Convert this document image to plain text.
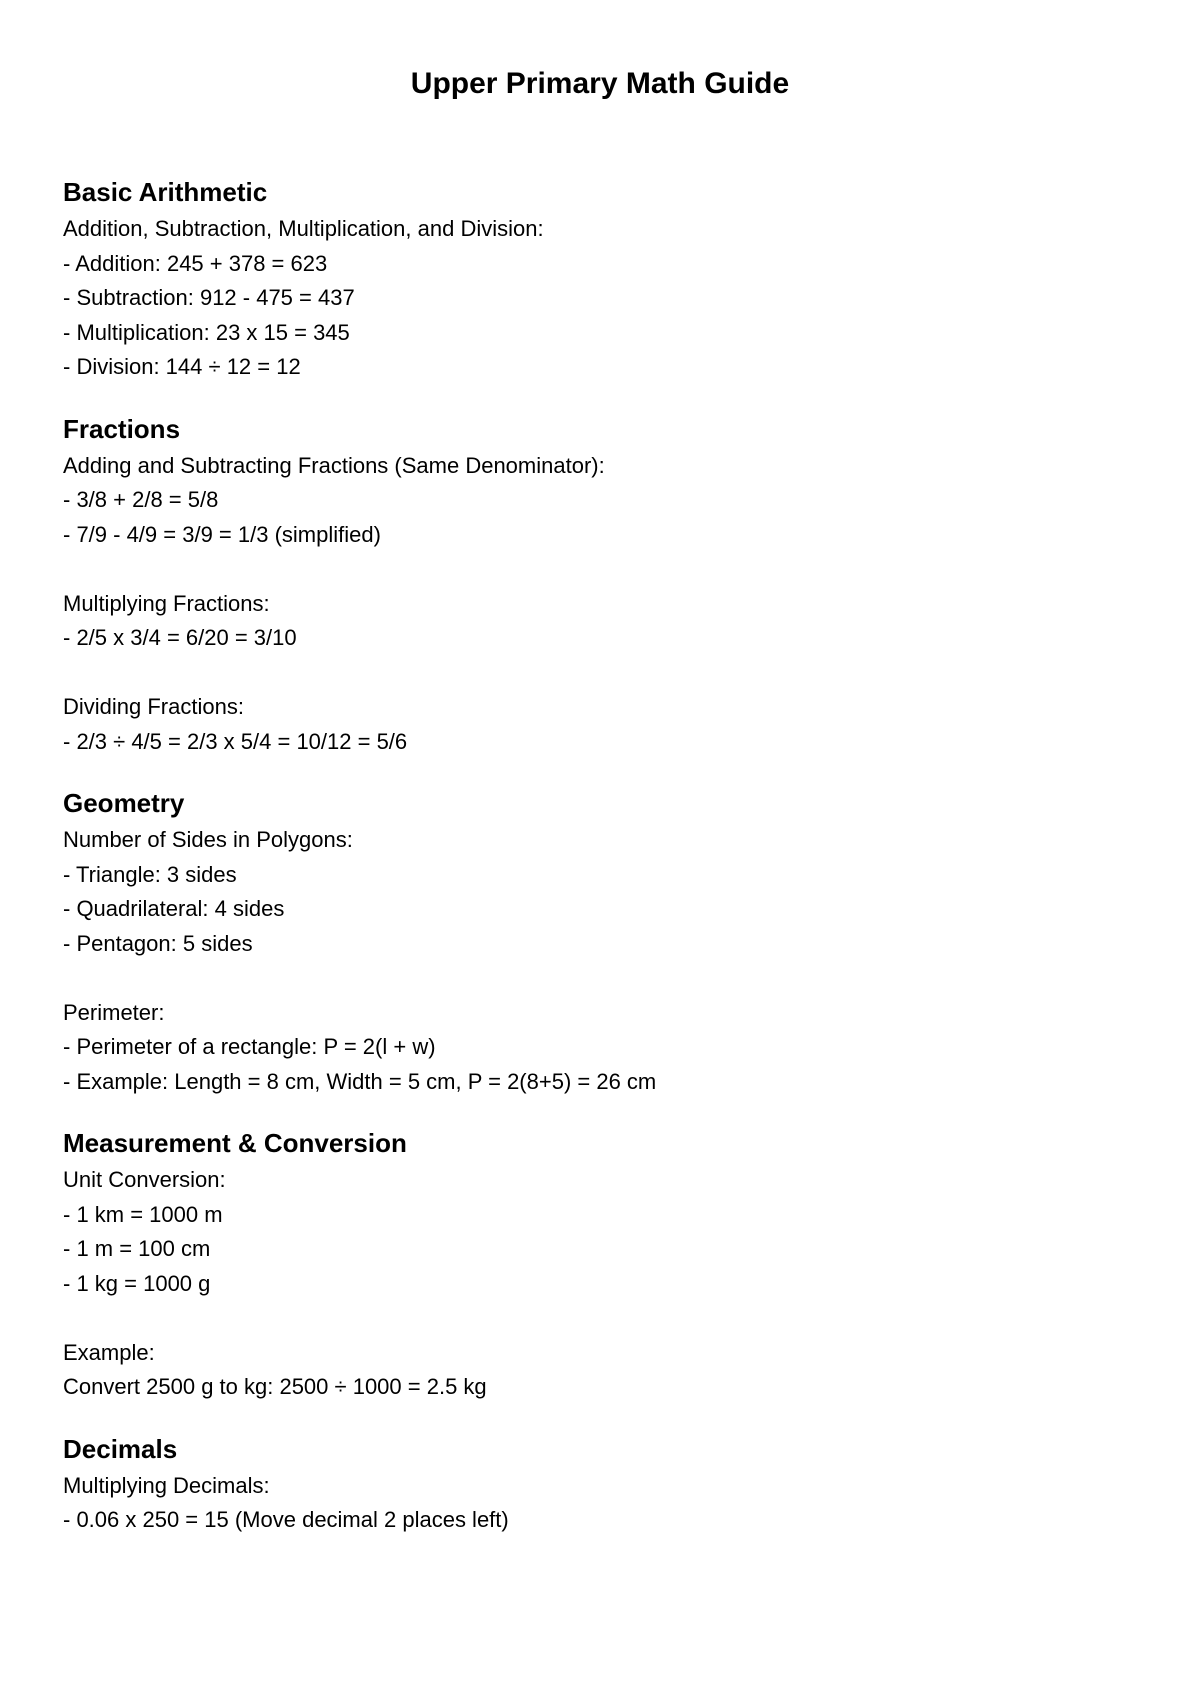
Upper Primary Math Guide
Basic Arithmetic
Addition, Subtraction, Multiplication, and Division:
- Addition: 245 + 378 = 623
- Subtraction: 912 - 475 = 437
- Multiplication: 23 x 15 = 345
- Division: 144 ÷ 12 = 12
Fractions
Adding and Subtracting Fractions (Same Denominator):
- 3/8 + 2/8 = 5/8
- 7/9 - 4/9 = 3/9 = 1/3 (simplified)
Multiplying Fractions:
- 2/5 x 3/4 = 6/20 = 3/10
Dividing Fractions:
- 2/3 ÷ 4/5 = 2/3 x 5/4 = 10/12 = 5/6
Geometry
Number of Sides in Polygons:
- Triangle: 3 sides
- Quadrilateral: 4 sides
- Pentagon: 5 sides
Perimeter:
- Perimeter of a rectangle: P = 2(l + w)
- Example: Length = 8 cm, Width = 5 cm, P = 2(8+5) = 26 cm
Measurement & Conversion
Unit Conversion:
- 1 km = 1000 m
- 1 m = 100 cm
- 1 kg = 1000 g
Example:
Convert 2500 g to kg: 2500 ÷ 1000 = 2.5 kg
Decimals
Multiplying Decimals:
- 0.06 x 250 = 15 (Move decimal 2 places left)
